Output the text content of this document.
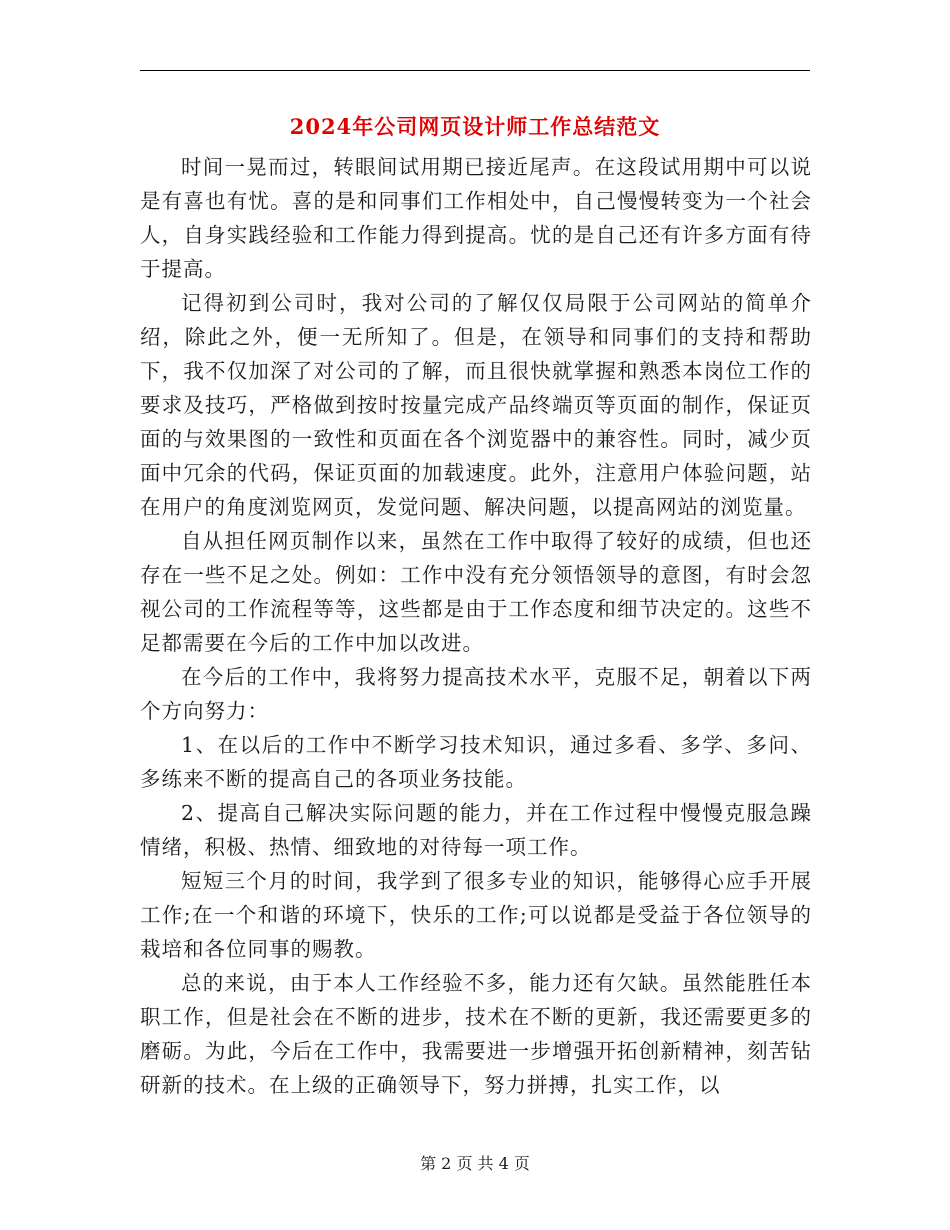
2024年公司网页设计师工作总结范文

时间一晃而过，转眼间试用期已接近尾声。在这段试用期中可以说是有喜也有忧。喜的是和同事们工作相处中，自己慢慢转变为一个社会人，自身实践经验和工作能力得到提高。忧的是自己还有许多方面有待于提高。

记得初到公司时，我对公司的了解仅仅局限于公司网站的简单介绍，除此之外，便一无所知了。但是，在领导和同事们的支持和帮助下，我不仅加深了对公司的了解，而且很快就掌握和熟悉本岗位工作的要求及技巧，严格做到按时按量完成产品终端页等页面的制作，保证页面的与效果图的一致性和页面在各个浏览器中的兼容性。同时，减少页面中冗余的代码，保证页面的加载速度。此外，注意用户体验问题，站在用户的角度浏览网页，发觉问题、解决问题，以提高网站的浏览量。

自从担任网页制作以来，虽然在工作中取得了较好的成绩，但也还存在一些不足之处。例如：工作中没有充分领悟领导的意图，有时会忽视公司的工作流程等等，这些都是由于工作态度和细节决定的。这些不足都需要在今后的工作中加以改进。

在今后的工作中，我将努力提高技术水平，克服不足，朝着以下两个方向努力：

1、在以后的工作中不断学习技术知识，通过多看、多学、多问、多练来不断的提高自己的各项业务技能。

2、提高自己解决实际问题的能力，并在工作过程中慢慢克服急躁情绪，积极、热情、细致地的对待每一项工作。

短短三个月的时间，我学到了很多专业的知识，能够得心应手开展工作;在一个和谐的环境下，快乐的工作;可以说都是受益于各位领导的栽培和各位同事的赐教。

总的来说，由于本人工作经验不多，能力还有欠缺。虽然能胜任本职工作，但是社会在不断的进步，技术在不断的更新，我还需要更多的磨砺。为此，今后在工作中，我需要进一步增强开拓创新精神，刻苦钻研新的技术。在上级的正确领导下，努力拼搏，扎实工作，以

第 2 页 共 4 页
